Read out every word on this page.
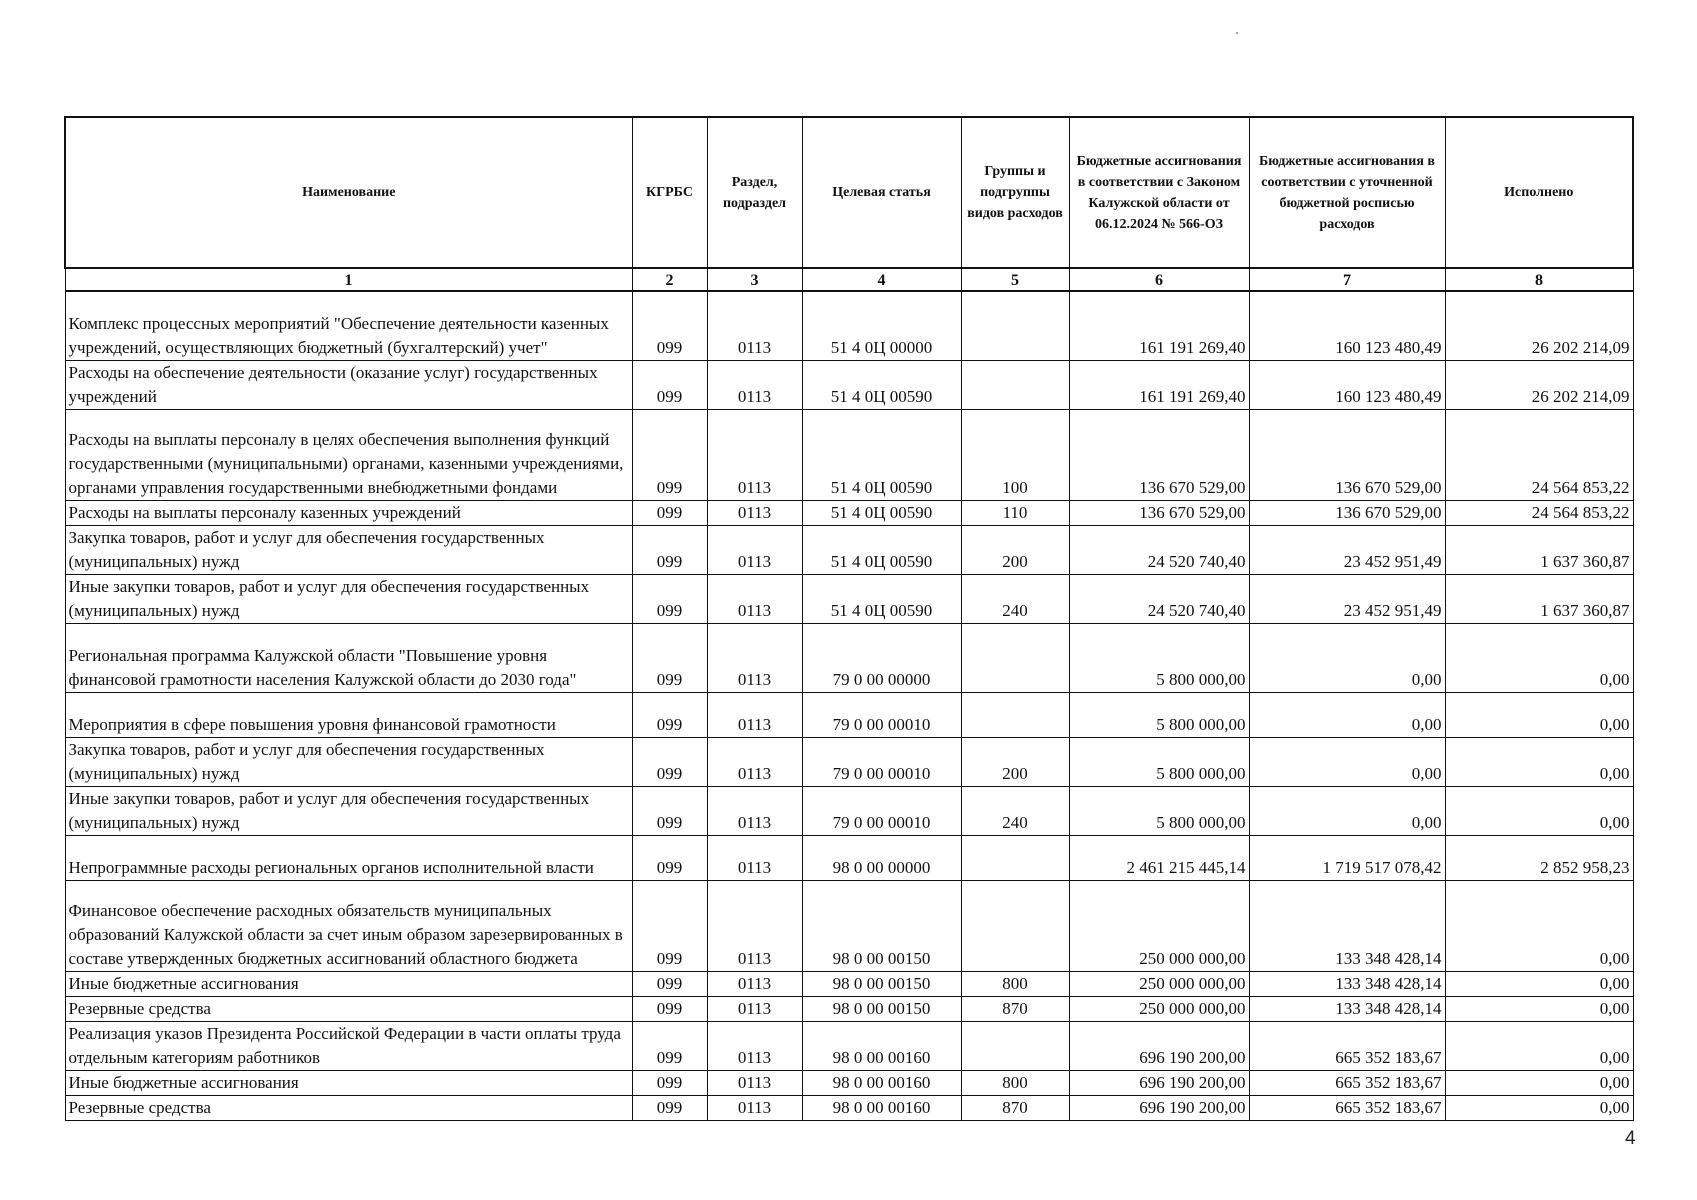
Наименование	КГРБС	Раздел, подраздел	Целевая статья	Группы и подгруппы видов расходов	Бюджетные ассигнования в соответствии с Законом Калужской области от 06.12.2024 № 566-ОЗ	Бюджетные ассигнования в соответствии с уточненной бюджетной росписью расходов	Исполнено
1	2	3	4	5	6	7	8
Комплекс процессных мероприятий "Обеспечение деятельности казенных учреждений, осуществляющих бюджетный (бухгалтерский) учет"	099	0113	51 4 0Ц 00000		161 191 269,40	160 123 480,49	26 202 214,09
Расходы на обеспечение деятельности (оказание услуг) государственных учреждений	099	0113	51 4 0Ц 00590		161 191 269,40	160 123 480,49	26 202 214,09
Расходы на выплаты персоналу в целях обеспечения выполнения функций государственными (муниципальными) органами, казенными учреждениями, органами управления государственными внебюджетными фондами	099	0113	51 4 0Ц 00590	100	136 670 529,00	136 670 529,00	24 564 853,22
Расходы на выплаты персоналу казенных учреждений	099	0113	51 4 0Ц 00590	110	136 670 529,00	136 670 529,00	24 564 853,22
Закупка товаров, работ и услуг для обеспечения государственных (муниципальных) нужд	099	0113	51 4 0Ц 00590	200	24 520 740,40	23 452 951,49	1 637 360,87
Иные закупки товаров, работ и услуг для обеспечения государственных (муниципальных) нужд	099	0113	51 4 0Ц 00590	240	24 520 740,40	23 452 951,49	1 637 360,87
Региональная программа Калужской области "Повышение уровня финансовой грамотности населения Калужской области до 2030 года"	099	0113	79 0 00 00000		5 800 000,00	0,00	0,00
Мероприятия в сфере повышения уровня финансовой грамотности	099	0113	79 0 00 00010		5 800 000,00	0,00	0,00
Закупка товаров, работ и услуг для обеспечения государственных (муниципальных) нужд	099	0113	79 0 00 00010	200	5 800 000,00	0,00	0,00
Иные закупки товаров, работ и услуг для обеспечения государственных (муниципальных) нужд	099	0113	79 0 00 00010	240	5 800 000,00	0,00	0,00
Непрограммные расходы региональных органов исполнительной власти	099	0113	98 0 00 00000		2 461 215 445,14	1 719 517 078,42	2 852 958,23
Финансовое обеспечение расходных обязательств муниципальных образований Калужской области за счет иным образом зарезервированных в составе утвержденных бюджетных ассигнований областного бюджета	099	0113	98 0 00 00150		250 000 000,00	133 348 428,14	0,00
Иные бюджетные ассигнования	099	0113	98 0 00 00150	800	250 000 000,00	133 348 428,14	0,00
Резервные средства	099	0113	98 0 00 00150	870	250 000 000,00	133 348 428,14	0,00
Реализация указов Президента Российской Федерации в части оплаты труда отдельным категориям работников	099	0113	98 0 00 00160		696 190 200,00	665 352 183,67	0,00
Иные бюджетные ассигнования	099	0113	98 0 00 00160	800	696 190 200,00	665 352 183,67	0,00
Резервные средства	099	0113	98 0 00 00160	870	696 190 200,00	665 352 183,67	0,00
4
